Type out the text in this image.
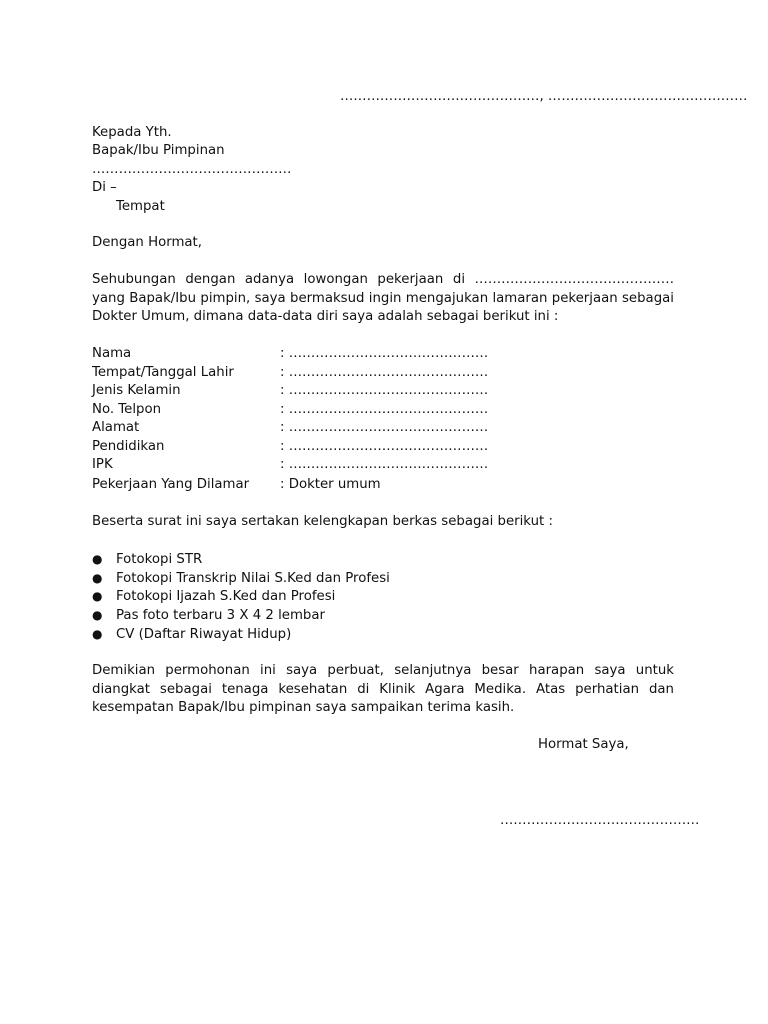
………………………………………, ………………………………………
Kepada Yth.
Bapak/Ibu Pimpinan
………………………………………
Di –
Tempat
Dengan Hormat,
Sehubungan dengan adanya lowongan pekerjaan di ……………………………………… yang Bapak/Ibu pimpin, saya bermaksud ingin mengajukan lamaran pekerjaan sebagai Dokter Umum, dimana data-data diri saya adalah sebagai berikut ini :
Nama	: ………………………………………
Tempat/Tanggal Lahir	: ………………………………………
Jenis Kelamin	: ………………………………………
No. Telpon	: ………………………………………
Alamat	: ………………………………………
Pendidikan	: ………………………………………
IPK	: ………………………………………
Pekerjaan Yang Dilamar : Dokter umum
Beserta surat ini saya sertakan kelengkapan berkas sebagai berikut :
● Fotokopi STR
● Fotokopi Transkrip Nilai S.Ked dan Profesi
● Fotokopi Ijazah S.Ked dan Profesi
● Pas foto terbaru 3 X 4 2 lembar
● CV (Daftar Riwayat Hidup)
Demikian permohonan ini saya perbuat, selanjutnya besar harapan saya untuk diangkat sebagai tenaga kesehatan di Klinik Agara Medika. Atas perhatian dan kesempatan Bapak/Ibu pimpinan saya sampaikan terima kasih.
Hormat Saya,
………………………………………
